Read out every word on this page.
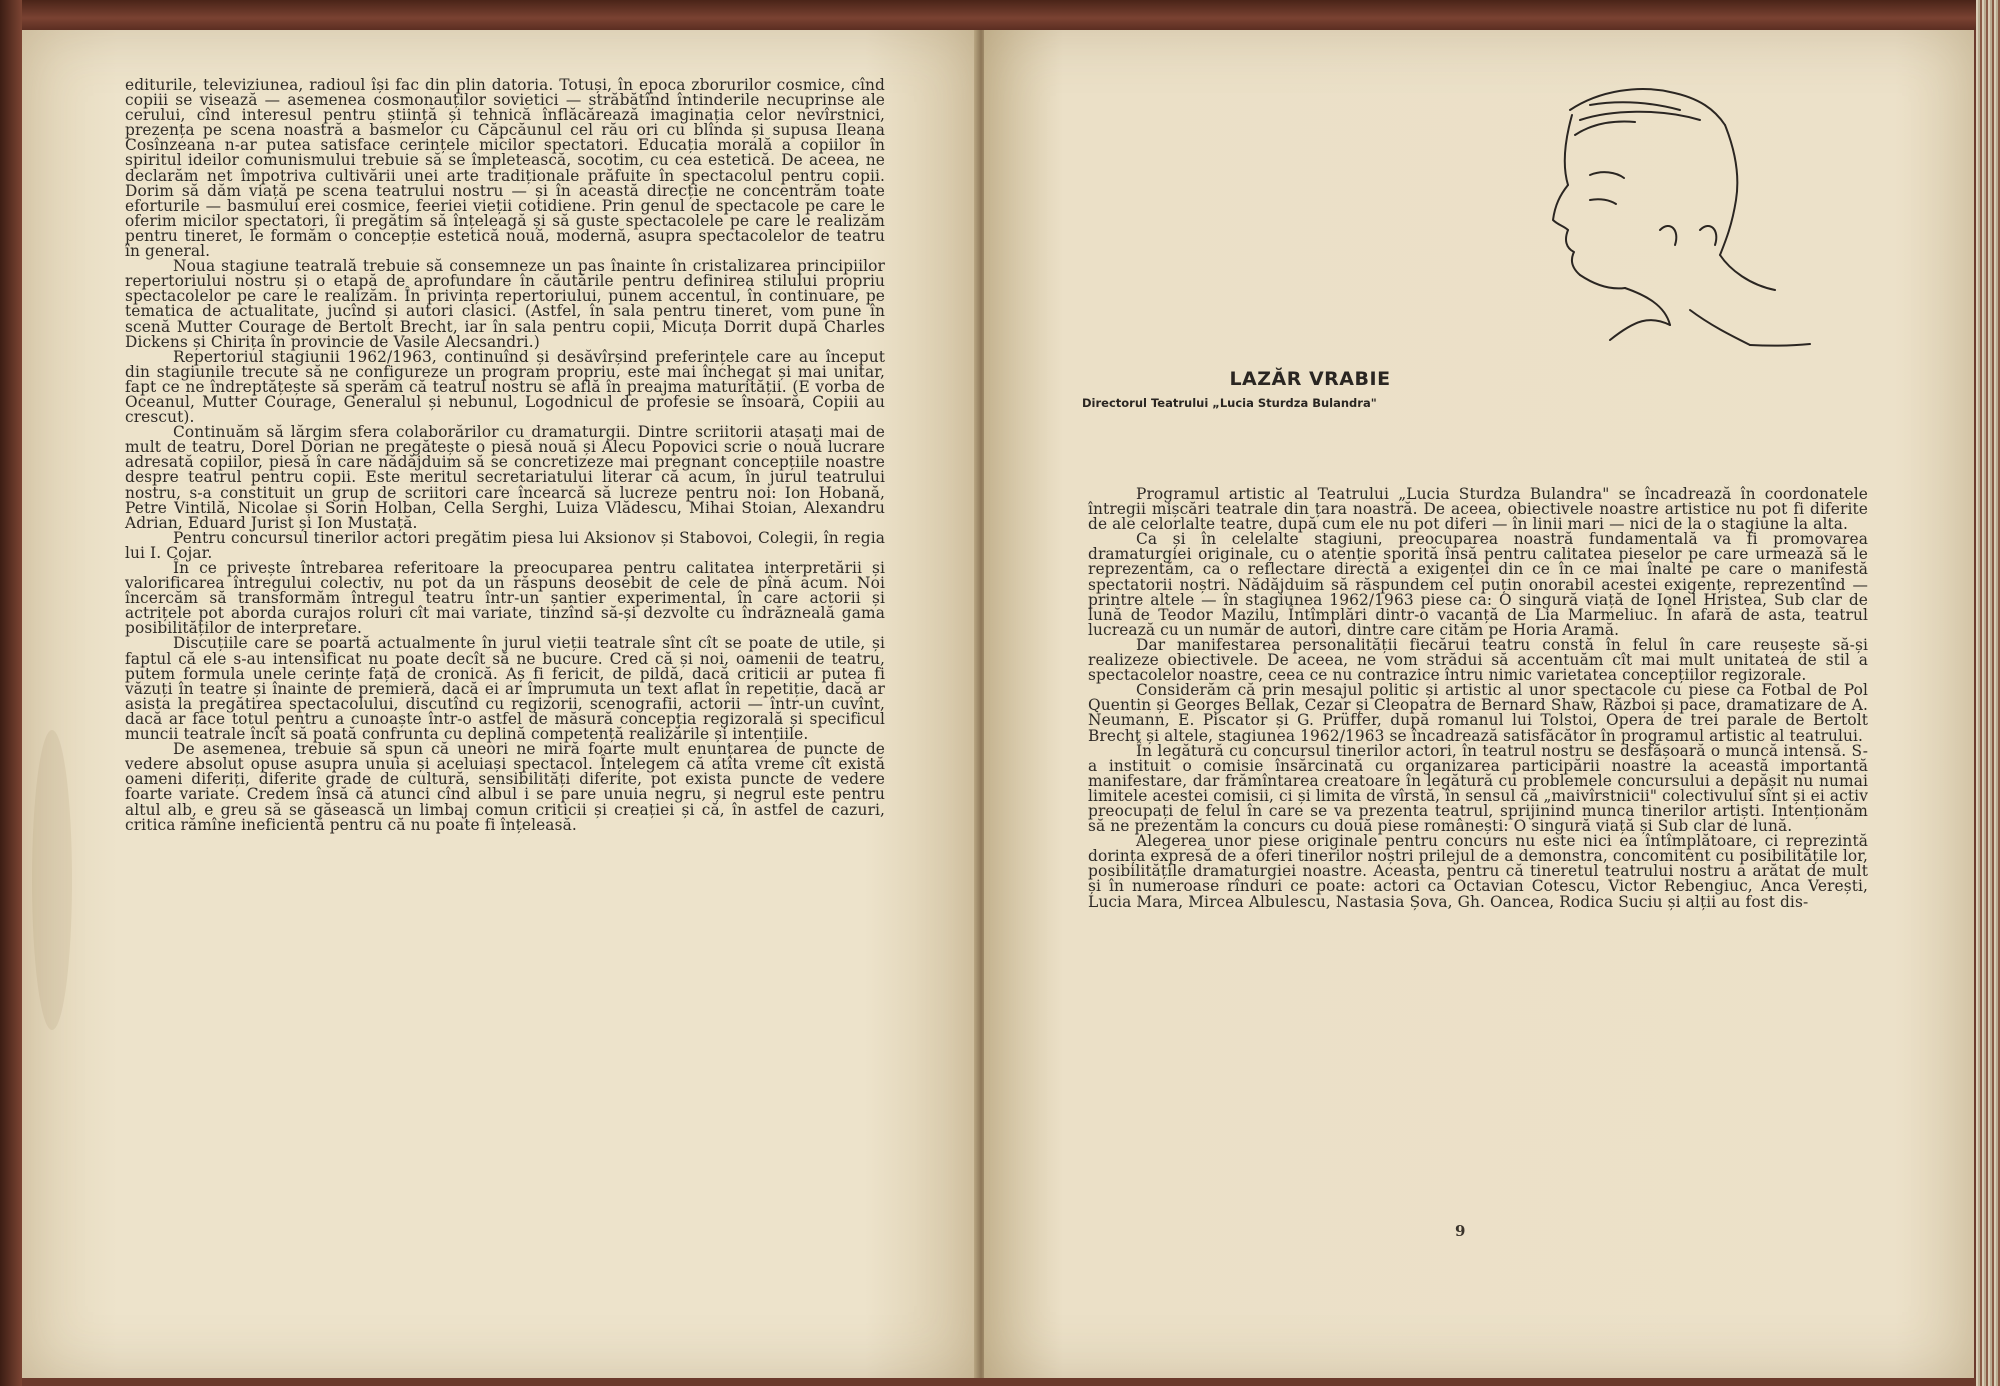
editurile, televiziunea, radioul își fac din plin datoria. Totuși, în epoca zborurilor cosmice, cînd copiii se visează — asemenea cosmonauților sovietici — străbătînd întinderile necuprinse ale cerului, cînd interesul pentru știință și tehnică înflăcărează imaginația celor nevîrstnici, prezența pe scena noastră a basmelor cu Căpcăunul cel rău ori cu blînda și supusa Ileana Cosînzeana n-ar putea satisface cerințele micilor spectatori. Educația morală a copiilor în spiritul ideilor comunismului trebuie să se împletească, socotim, cu cea estetică. De aceea, ne declarăm net împotriva cultivării unei arte tradiționale prăfuite în spectacolul pentru copii. Dorim să dăm viață pe scena teatrului nostru — și în această direcție ne concentrăm toate eforturile — basmului erei cosmice, feeriei vieții cotidiene. Prin genul de spectacole pe care le oferim micilor spectatori, îi pregătim să înțeleagă și să guste spectacolele pe care le realizăm pentru tineret, le formăm o concepție estetică nouă, modernă, asupra spectacolelor de teatru în general.

Noua stagiune teatrală trebuie să consemneze un pas înainte în cristalizarea principiilor repertoriului nostru și o etapă de aprofundare în căutările pentru definirea stilului propriu spectacolelor pe care le realizăm. În privința repertoriului, punem accentul, în continuare, pe tematica de actualitate, jucînd și autori clasici. (Astfel, în sala pentru tineret, vom pune în scenă Mutter Courage de Bertolt Brecht, iar în sala pentru copii, Micuța Dorrit după Charles Dickens și Chirița în provincie de Vasile Alecsandri.)

Repertoriul stagiunii 1962/1963, continuînd și desăvîrșind preferințele care au început din stagiunile trecute să ne configureze un program propriu, este mai închegat și mai unitar, fapt ce ne îndreptățește să sperăm că teatrul nostru se află în preajma maturității. (E vorba de Oceanul, Mutter Courage, Generalul și nebunul, Logodnicul de profesie se însoară, Copiii au crescut).

Continuăm să lărgim sfera colaborărilor cu dramaturgii. Dintre scriitorii atașați mai de mult de teatru, Dorel Dorian ne pregătește o piesă nouă și Alecu Popovici scrie o nouă lucrare adresată copiilor, piesă în care nădăjduim să se concretizeze mai pregnant concepțiile noastre despre teatrul pentru copii. Este meritul secretariatului literar că acum, în jurul teatrului nostru, s-a constituit un grup de scriitori care încearcă să lucreze pentru noi: Ion Hobană, Petre Vintilă, Nicolae și Sorin Holban, Cella Serghi, Luiza Vlădescu, Mihai Stoian, Alexandru Adrian, Eduard Jurist și Ion Mustață.

Pentru concursul tinerilor actori pregătim piesa lui Aksionov și Stabovoi, Colegii, în regia lui I. Cojar.

În ce privește întrebarea referitoare la preocuparea pentru calitatea interpretării și valorificarea întregului colectiv, nu pot da un răspuns deosebit de cele de pînă acum. Noi încercăm să transformăm întregul teatru într-un șantier experimental, în care actorii și actrițele pot aborda curajos roluri cît mai variate, tinzînd să-și dezvolte cu îndrăzneală gama posibilităților de interpretare.

Discuțiile care se poartă actualmente în jurul vieții teatrale sînt cît se poate de utile, și faptul că ele s-au intensificat nu poate decît să ne bucure. Cred că și noi, oamenii de teatru, putem formula unele cerințe față de cronică. Aș fi fericit, de pildă, dacă criticii ar putea fi văzuți în teatre și înainte de premieră, dacă ei ar împrumuta un text aflat în repetiție, dacă ar asista la pregătirea spectacolului, discutînd cu regizorii, scenografii, actorii — într-un cuvînt, dacă ar face totul pentru a cunoaște într-o astfel de măsură concepția regizorală și specificul muncii teatrale încît să poată confrunta cu deplină competență realizările și intențiile.

De asemenea, trebuie să spun că uneori ne miră foarte mult enunțarea de puncte de vedere absolut opuse asupra unuia și aceluiași spectacol. Înțelegem că atîta vreme cît există oameni diferiți, diferite grade de cultură, sensibilități diferite, pot exista puncte de vedere foarte variate. Credem însă că atunci cînd albul i se pare unuia negru, și negrul este pentru altul alb, e greu să se găsească un limbaj comun criticii și creației și că, în astfel de cazuri, critica rămîne ineficientă pentru că nu poate fi înțeleasă.

LAZĂR VRABIE
Directorul Teatrului „Lucia Sturdza Bulandra"

Programul artistic al Teatrului „Lucia Sturdza Bulandra" se încadrează în coordonatele întregii mișcări teatrale din țara noastră. De aceea, obiectivele noastre artistice nu pot fi diferite de ale celorlalte teatre, după cum ele nu pot diferi — în linii mari — nici de la o stagiune la alta.

Ca și în celelalte stagiuni, preocuparea noastră fundamentală va fi promovarea dramaturgiei originale, cu o atenție sporită însă pentru calitatea pieselor pe care urmează să le reprezentăm, ca o reflectare directă a exigenței din ce în ce mai înalte pe care o manifestă spectatorii noștri. Nădăjduim să răspundem cel puțin onorabil acestei exigențe, reprezentînd — printre altele — în stagiunea 1962/1963 piese ca: O singură viață de Ionel Hristea, Sub clar de lună de Teodor Mazilu, Întîmplări dintr-o vacanță de Lia Marmeliuc. În afară de asta, teatrul lucrează cu un număr de autori, dintre care cităm pe Horia Aramă.

Dar manifestarea personalității fiecărui teatru constă în felul în care reușește să-și realizeze obiectivele. De aceea, ne vom strădui să accentuăm cît mai mult unitatea de stil a spectacolelor noastre, ceea ce nu contrazice întru nimic varietatea concepțiilor regizorale.

Considerăm că prin mesajul politic și artistic al unor spectacole cu piese ca Fotbal de Pol Quentin și Georges Bellak, Cezar și Cleopatra de Bernard Shaw, Război și pace, dramatizare de A. Neumann, E. Piscator și G. Prüffer, după romanul lui Tolstoi, Opera de trei parale de Bertolt Brecht și altele, stagiunea 1962/1963 se încadrează satisfăcător în programul artistic al teatrului.

În legătură cu concursul tinerilor actori, în teatrul nostru se desfășoară o muncă intensă. S-a instituit o comisie însărcinată cu organizarea participării noastre la această importantă manifestare, dar frămîntarea creatoare în legătură cu problemele concursului a depășit nu numai limitele acestei comisii, ci și limita de vîrstă, în sensul că „maivîrstnicii" colectivului sînt și ei activ preocupați de felul în care se va prezenta teatrul, sprijinind munca tinerilor artiști. Intenționăm să ne prezentăm la concurs cu două piese românești: O singură viață și Sub clar de lună.

Alegerea unor piese originale pentru concurs nu este nici ea întîmplătoare, ci reprezintă dorința expresă de a oferi tinerilor noștri prilejul de a demonstra, concomitent cu posibilitățile lor, posibilitățile dramaturgiei noastre. Aceasta, pentru că tineretul teatrului nostru a arătat de mult și în numeroase rînduri ce poate: actori ca Octavian Cotescu, Victor Rebengiuc, Anca Verești, Lucia Mara, Mircea Albulescu, Nastasia Șova, Gh. Oancea, Rodica Suciu și alții au fost dis-

9
